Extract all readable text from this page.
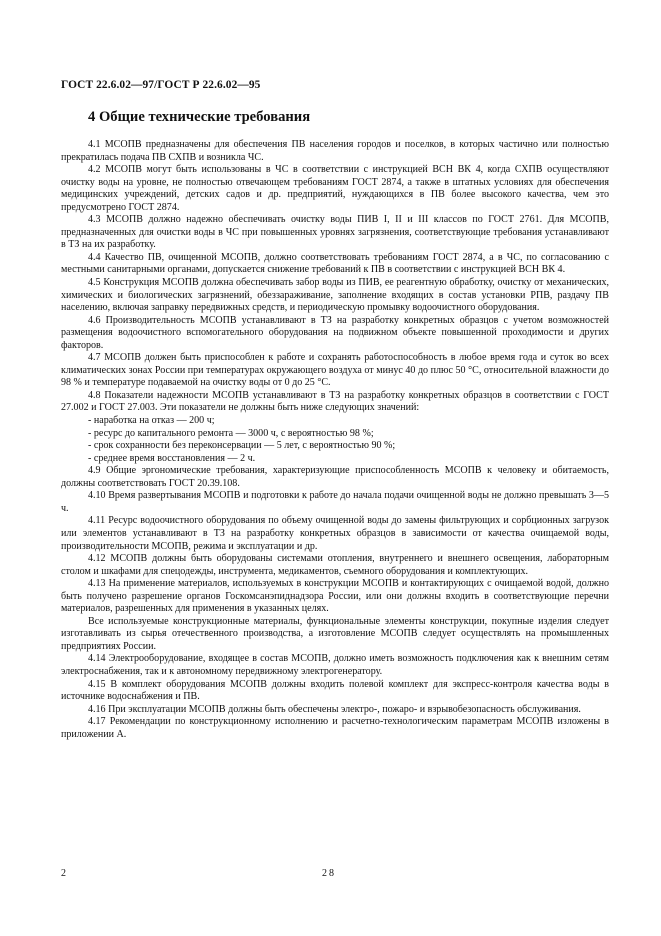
ГОСТ 22.6.02—97/ГОСТ Р 22.6.02—95
4 Общие технические требования

4.1 МСОПВ предназначены для обеспечения ПВ населения городов и поселков, в которых частично или полностью прекратилась подача ПВ СХПВ и возникла ЧС.

4.2 МСОПВ могут быть использованы в ЧС в соответствии с инструкцией ВСН ВК 4, когда СХПВ осуществляют очистку воды на уровне, не полностью отвечающем требованиям ГОСТ 2874, а также в штатных условиях для обеспечения медицинских учреждений, детских садов и др. предприятий, нуждающихся в ПВ более высокого качества, чем это предусмотрено ГОСТ 2874.

4.3 МСОПВ должно надежно обеспечивать очистку воды ПИВ I, II и III классов по ГОСТ 2761. Для МСОПВ, предназначенных для очистки воды в ЧС при повышенных уровнях загрязнения, соответствующие требования устанавливают в ТЗ на их разработку.

4.4 Качество ПВ, очищенной МСОПВ, должно соответствовать требованиям ГОСТ 2874, а в ЧС, по согласованию с местными санитарными органами, допускается снижение требований к ПВ в соответствии с инструкцией ВСН ВК 4.

4.5 Конструкция МСОПВ должна обеспечивать забор воды из ПИВ, ее реагентную обработку, очистку от механических, химических и биологических загрязнений, обеззараживание, заполнение входящих в состав установки РПВ, раздачу ПВ населению, включая заправку передвижных средств, и периодическую промывку водоочистного оборудования.

4.6 Производительность МСОПВ устанавливают в ТЗ на разработку конкретных образцов с учетом возможностей размещения водоочистного вспомогательного оборудования на подвижном объекте повышенной проходимости и других факторов.

4.7 МСОПВ должен быть приспособлен к работе и сохранять работоспособность в любое время года и суток во всех климатических зонах России при температурах окружающего воздуха от минус 40 до плюс 50 °С, относительной влажности до 98 % и температуре подаваемой на очистку воды от 0 до 25 °С.

4.8 Показатели надежности МСОПВ устанавливают в ТЗ на разработку конкретных образцов в соответствии с ГОСТ 27.002 и ГОСТ 27.003. Эти показатели не должны быть ниже следующих значений:

- наработка на отказ — 200 ч;

- ресурс до капитального ремонта — 3000 ч, с вероятностью 98 %;

- срок сохранности без переконсервации — 5 лет, с вероятностью 90 %;

- среднее время восстановления — 2 ч.

4.9 Общие эргономические требования, характеризующие приспособленность МСОПВ к человеку и обитаемость, должны соответствовать ГОСТ 20.39.108.

4.10 Время развертывания МСОПВ и подготовки к работе до начала подачи очищенной воды не должно превышать 3—5 ч.

4.11 Ресурс водоочистного оборудования по объему очищенной воды до замены фильтрующих и сорбционных загрузок или элементов устанавливают в ТЗ на разработку конкретных образцов в зависимости от качества очищаемой воды, производительности МСОПВ, режима и эксплуатации и др.

4.12 МСОПВ должны быть оборудованы системами отопления, внутреннего и внешнего освещения, лабораторным столом и шкафами для спецодежды, инструмента, медикаментов, съемного оборудования и комплектующих.

4.13 На применение материалов, используемых в конструкции МСОПВ и контактирующих с очищаемой водой, должно быть получено разрешение органов Госкомсанэпиднадзора России, или они должны входить в соответствующие перечни материалов, разрешенных для применения в указанных целях.

Все используемые конструкционные материалы, функциональные элементы конструкции, покупные изделия следует изготавливать из сырья отечественного производства, а изготовление МСОПВ следует осуществлять на промышленных предприятиях России.

4.14 Электрооборудование, входящее в состав МСОПВ, должно иметь возможность подключения как к внешним сетям электроснабжения, так и к автономному передвижному электрогенератору.

4.15 В комплект оборудования МСОПВ должны входить полевой комплект для экспресс-контроля качества воды в источнике водоснабжения и ПВ.

4.16 При эксплуатации МСОПВ должны быть обеспечены электро-, пожаро- и взрывобезопасность обслуживания.

4.17 Рекомендации по конструкционному исполнению и расчетно-технологическим параметрам МСОПВ изложены в приложении А.

2	28
